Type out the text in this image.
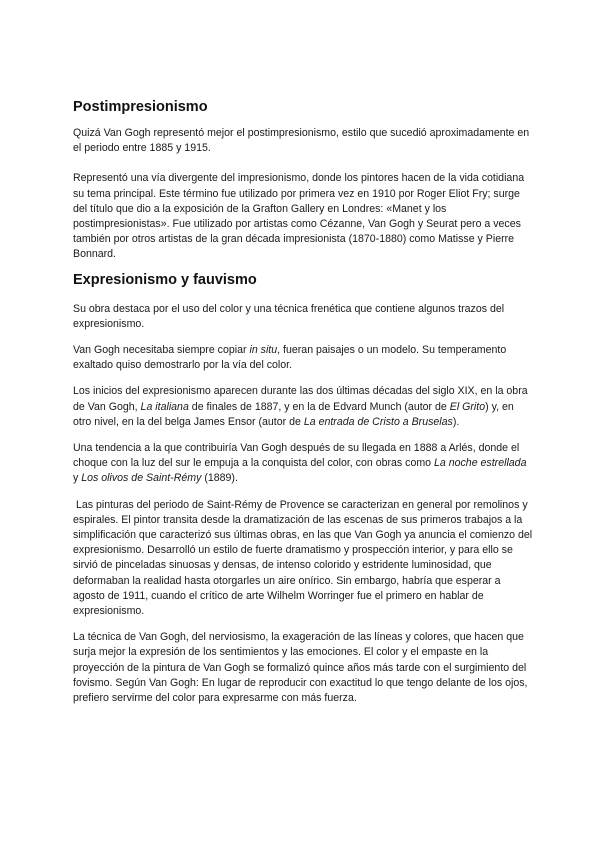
Postimpresionismo

Quizá Van Gogh representó mejor el postimpresionismo, estilo que sucedió aproximadamente en el periodo entre 1885 y 1915.

Representó una vía divergente del impresionismo, donde los pintores hacen de la vida cotidiana su tema principal. Este término fue utilizado por primera vez en 1910 por Roger Eliot Fry; surge del título que dio a la exposición de la Grafton Gallery en Londres: «Manet y los postimpresionistas». Fue utilizado por artistas como Cézanne, Van Gogh y Seurat pero a veces también por otros artistas de la gran década impresionista (1870-1880) como Matisse y Pierre Bonnard.

Expresionismo y fauvismo

Su obra destaca por el uso del color y una técnica frenética que contiene algunos trazos del expresionismo.

Van Gogh necesitaba siempre copiar in situ, fueran paisajes o un modelo. Su temperamento exaltado quiso demostrarlo por la vía del color.

Los inicios del expresionismo aparecen durante las dos últimas décadas del siglo XIX, en la obra de Van Gogh, La italiana de finales de 1887, y en la de Edvard Munch (autor de El Grito) y, en otro nivel, en la del belga James Ensor (autor de La entrada de Cristo a Bruselas).

Una tendencia a la que contribuiría Van Gogh después de su llegada en 1888 a Arlés, donde el choque con la luz del sur le empuja a la conquista del color, con obras como La noche estrellada y Los olivos de Saint-Rémy (1889).

Las pinturas del periodo de Saint-Rémy de Provence se caracterizan en general por remolinos y espirales. El pintor transita desde la dramatización de las escenas de sus primeros trabajos a la simplificación que caracterizó sus últimas obras, en las que Van Gogh ya anuncia el comienzo del expresionismo. Desarrolló un estilo de fuerte dramatismo y prospección interior, y para ello se sirvió de pinceladas sinuosas y densas, de intenso colorido y estridente luminosidad, que deformaban la realidad hasta otorgarles un aire onírico. Sin embargo, habría que esperar a agosto de 1911, cuando el crítico de arte Wilhelm Worringer fue el primero en hablar de expresionismo.

La técnica de Van Gogh, del nerviosismo, la exageración de las líneas y colores, que hacen que surja mejor la expresión de los sentimientos y las emociones. El color y el empaste en la proyección de la pintura de Van Gogh se formalizó quince años más tarde con el surgimiento del fovismo. Según Van Gogh: En lugar de reproducir con exactitud lo que tengo delante de los ojos, prefiero servirme del color para expresarme con más fuerza.
